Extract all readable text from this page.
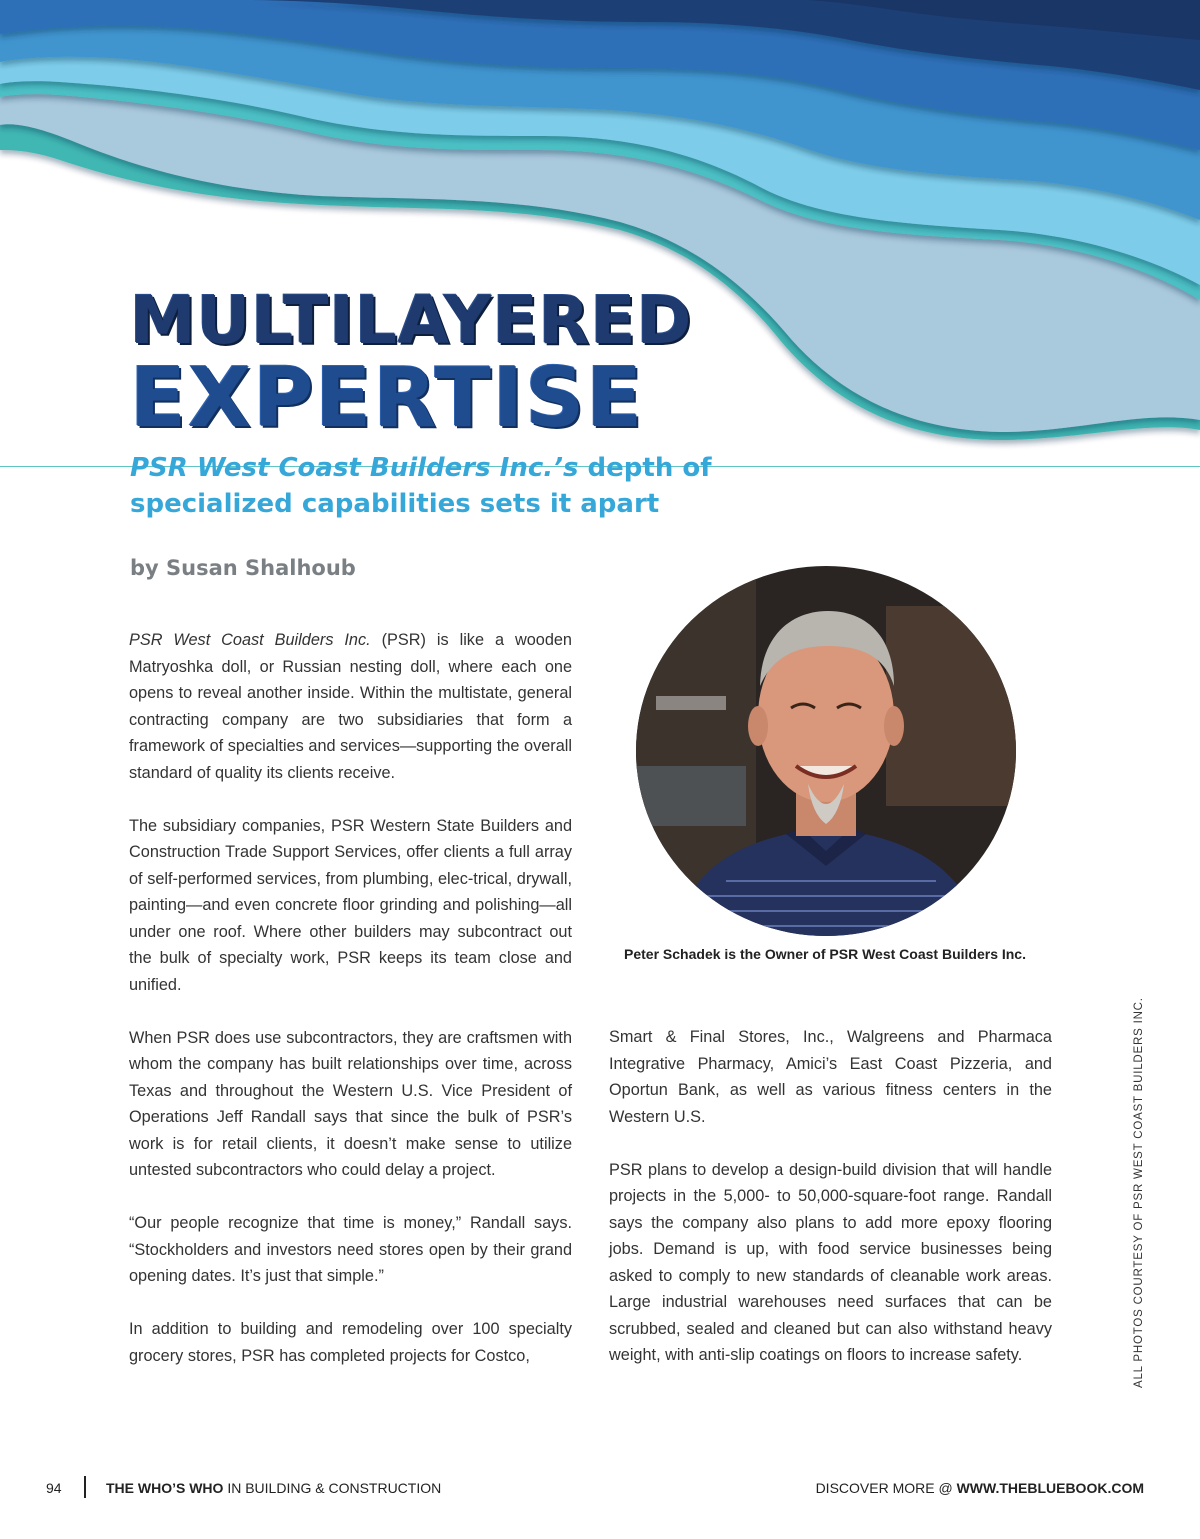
MULTILAYERED
EXPERTISE
PSR West Coast Builders Inc.’s depth of specialized capabilities sets it apart

by Susan Shalhoub

PSR West Coast Builders Inc. (PSR) is like a wooden Matryoshka doll, or Russian nesting doll, where each one opens to reveal another inside. Within the multistate, general contracting company are two subsidiaries that form a framework of specialties and services—supporting the overall standard of quality its clients receive.

The subsidiary companies, PSR Western State Builders and Construction Trade Support Services, offer clients a full array of self-performed services, from plumbing, elec-trical, drywall, painting—and even concrete floor grinding and polishing—all under one roof. Where other builders may subcontract out the bulk of specialty work, PSR keeps its team close and unified.

When PSR does use subcontractors, they are craftsmen with whom the company has built relationships over time, across Texas and throughout the Western U.S. Vice President of Operations Jeff Randall says that since the bulk of PSR’s work is for retail clients, it doesn’t make sense to utilize untested subcontractors who could delay a project.

“Our people recognize that time is money,” Randall says. “Stockholders and investors need stores open by their grand opening dates. It’s just that simple.”

In addition to building and remodeling over 100 specialty grocery stores, PSR has completed projects for Costco,

Peter Schadek is the Owner of PSR West Coast Builders Inc.

Smart & Final Stores, Inc., Walgreens and Pharmaca Integrative Pharmacy, Amici’s East Coast Pizzeria, and Oportun Bank, as well as various fitness centers in the Western U.S.

PSR plans to develop a design-build division that will handle projects in the 5,000- to 50,000-square-foot range. Randall says the company also plans to add more epoxy flooring jobs. Demand is up, with food service businesses being asked to comply to new standards of cleanable work areas. Large industrial warehouses need surfaces that can be scrubbed, sealed and cleaned but can also withstand heavy weight, with anti-slip coatings on floors to increase safety.	ALL PHOTOS COURTESY OF PSR WEST COAST BUILDERS INC.
94	THE WHO’S WHO IN BUILDING & CONSTRUCTION	DISCOVER MORE @ WWW.THEBLUEBOOK.COM
